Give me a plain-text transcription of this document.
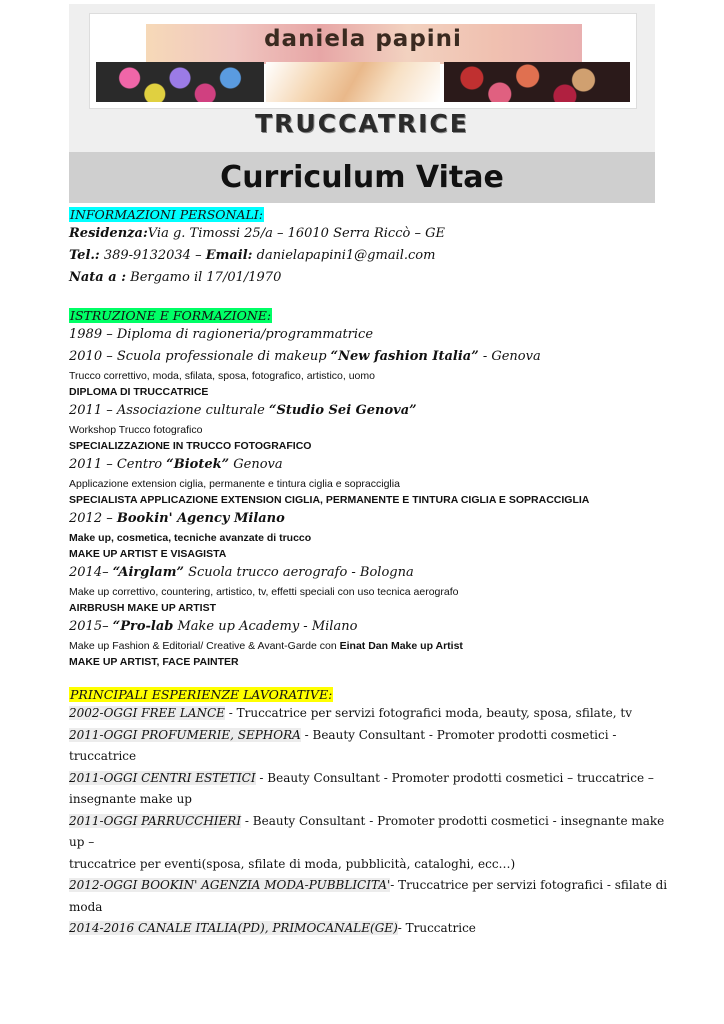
daniela papini
TRUCCATRICE
Curriculum Vitae
INFORMAZIONI PERSONALI:
Residenza:Via g. Timossi 25/a – 16010 Serra Riccò – GE
Tel.: 389-9132034 – Email: danielapapini1@gmail.com
Nata a : Bergamo il 17/01/1970
ISTRUZIONE E FORMAZIONE:
1989 – Diploma di ragioneria/programmatrice
2010 – Scuola professionale di makeup “New fashion Italia” - Genova
Trucco correttivo, moda, sfilata, sposa, fotografico, artistico, uomo
DIPLOMA DI TRUCCATRICE
2011 – Associazione culturale “Studio Sei Genova”
Workshop Trucco fotografico
SPECIALIZZAZIONE IN TRUCCO FOTOGRAFICO
2011 – Centro “Biotek” Genova
Applicazione extension ciglia, permanente e tintura ciglia e sopracciglia
SPECIALISTA APPLICAZIONE EXTENSION CIGLIA, PERMANENTE E TINTURA CIGLIA E SOPRACCIGLIA
2012 – Bookin' Agency Milano
Make up, cosmetica, tecniche avanzate di trucco
MAKE UP ARTIST E VISAGISTA
2014– “Airglam” Scuola trucco aerografo - Bologna
Make up correttivo, countering, artistico, tv, effetti speciali con uso tecnica aerografo
AIRBRUSH MAKE UP ARTIST
2015– “Pro-lab Make up Academy - Milano
Make up Fashion & Editorial/ Creative & Avant-Garde con Einat Dan Make up Artist
MAKE UP ARTIST, FACE PAINTER
PRINCIPALI ESPERIENZE LAVORATIVE:
2002-OGGI FREE LANCE - Truccatrice per servizi fotografici moda, beauty, sposa, sfilate, tv
2011-OGGI PROFUMERIE, SEPHORA - Beauty Consultant - Promoter prodotti cosmetici - truccatrice
2011-OGGI CENTRI ESTETICI - Beauty Consultant - Promoter prodotti cosmetici – truccatrice –
insegnante make up
2011-OGGI PARRUCCHIERI - Beauty Consultant - Promoter prodotti cosmetici - insegnante make up –
truccatrice per eventi(sposa, sfilate di moda, pubblicità, cataloghi, ecc…)
2012-OGGI BOOKIN' AGENZIA MODA-PUBBLICITA'- Truccatrice per servizi fotografici - sfilate di
moda
2014-2016 CANALE ITALIA(PD), PRIMOCANALE(GE)- Truccatrice
